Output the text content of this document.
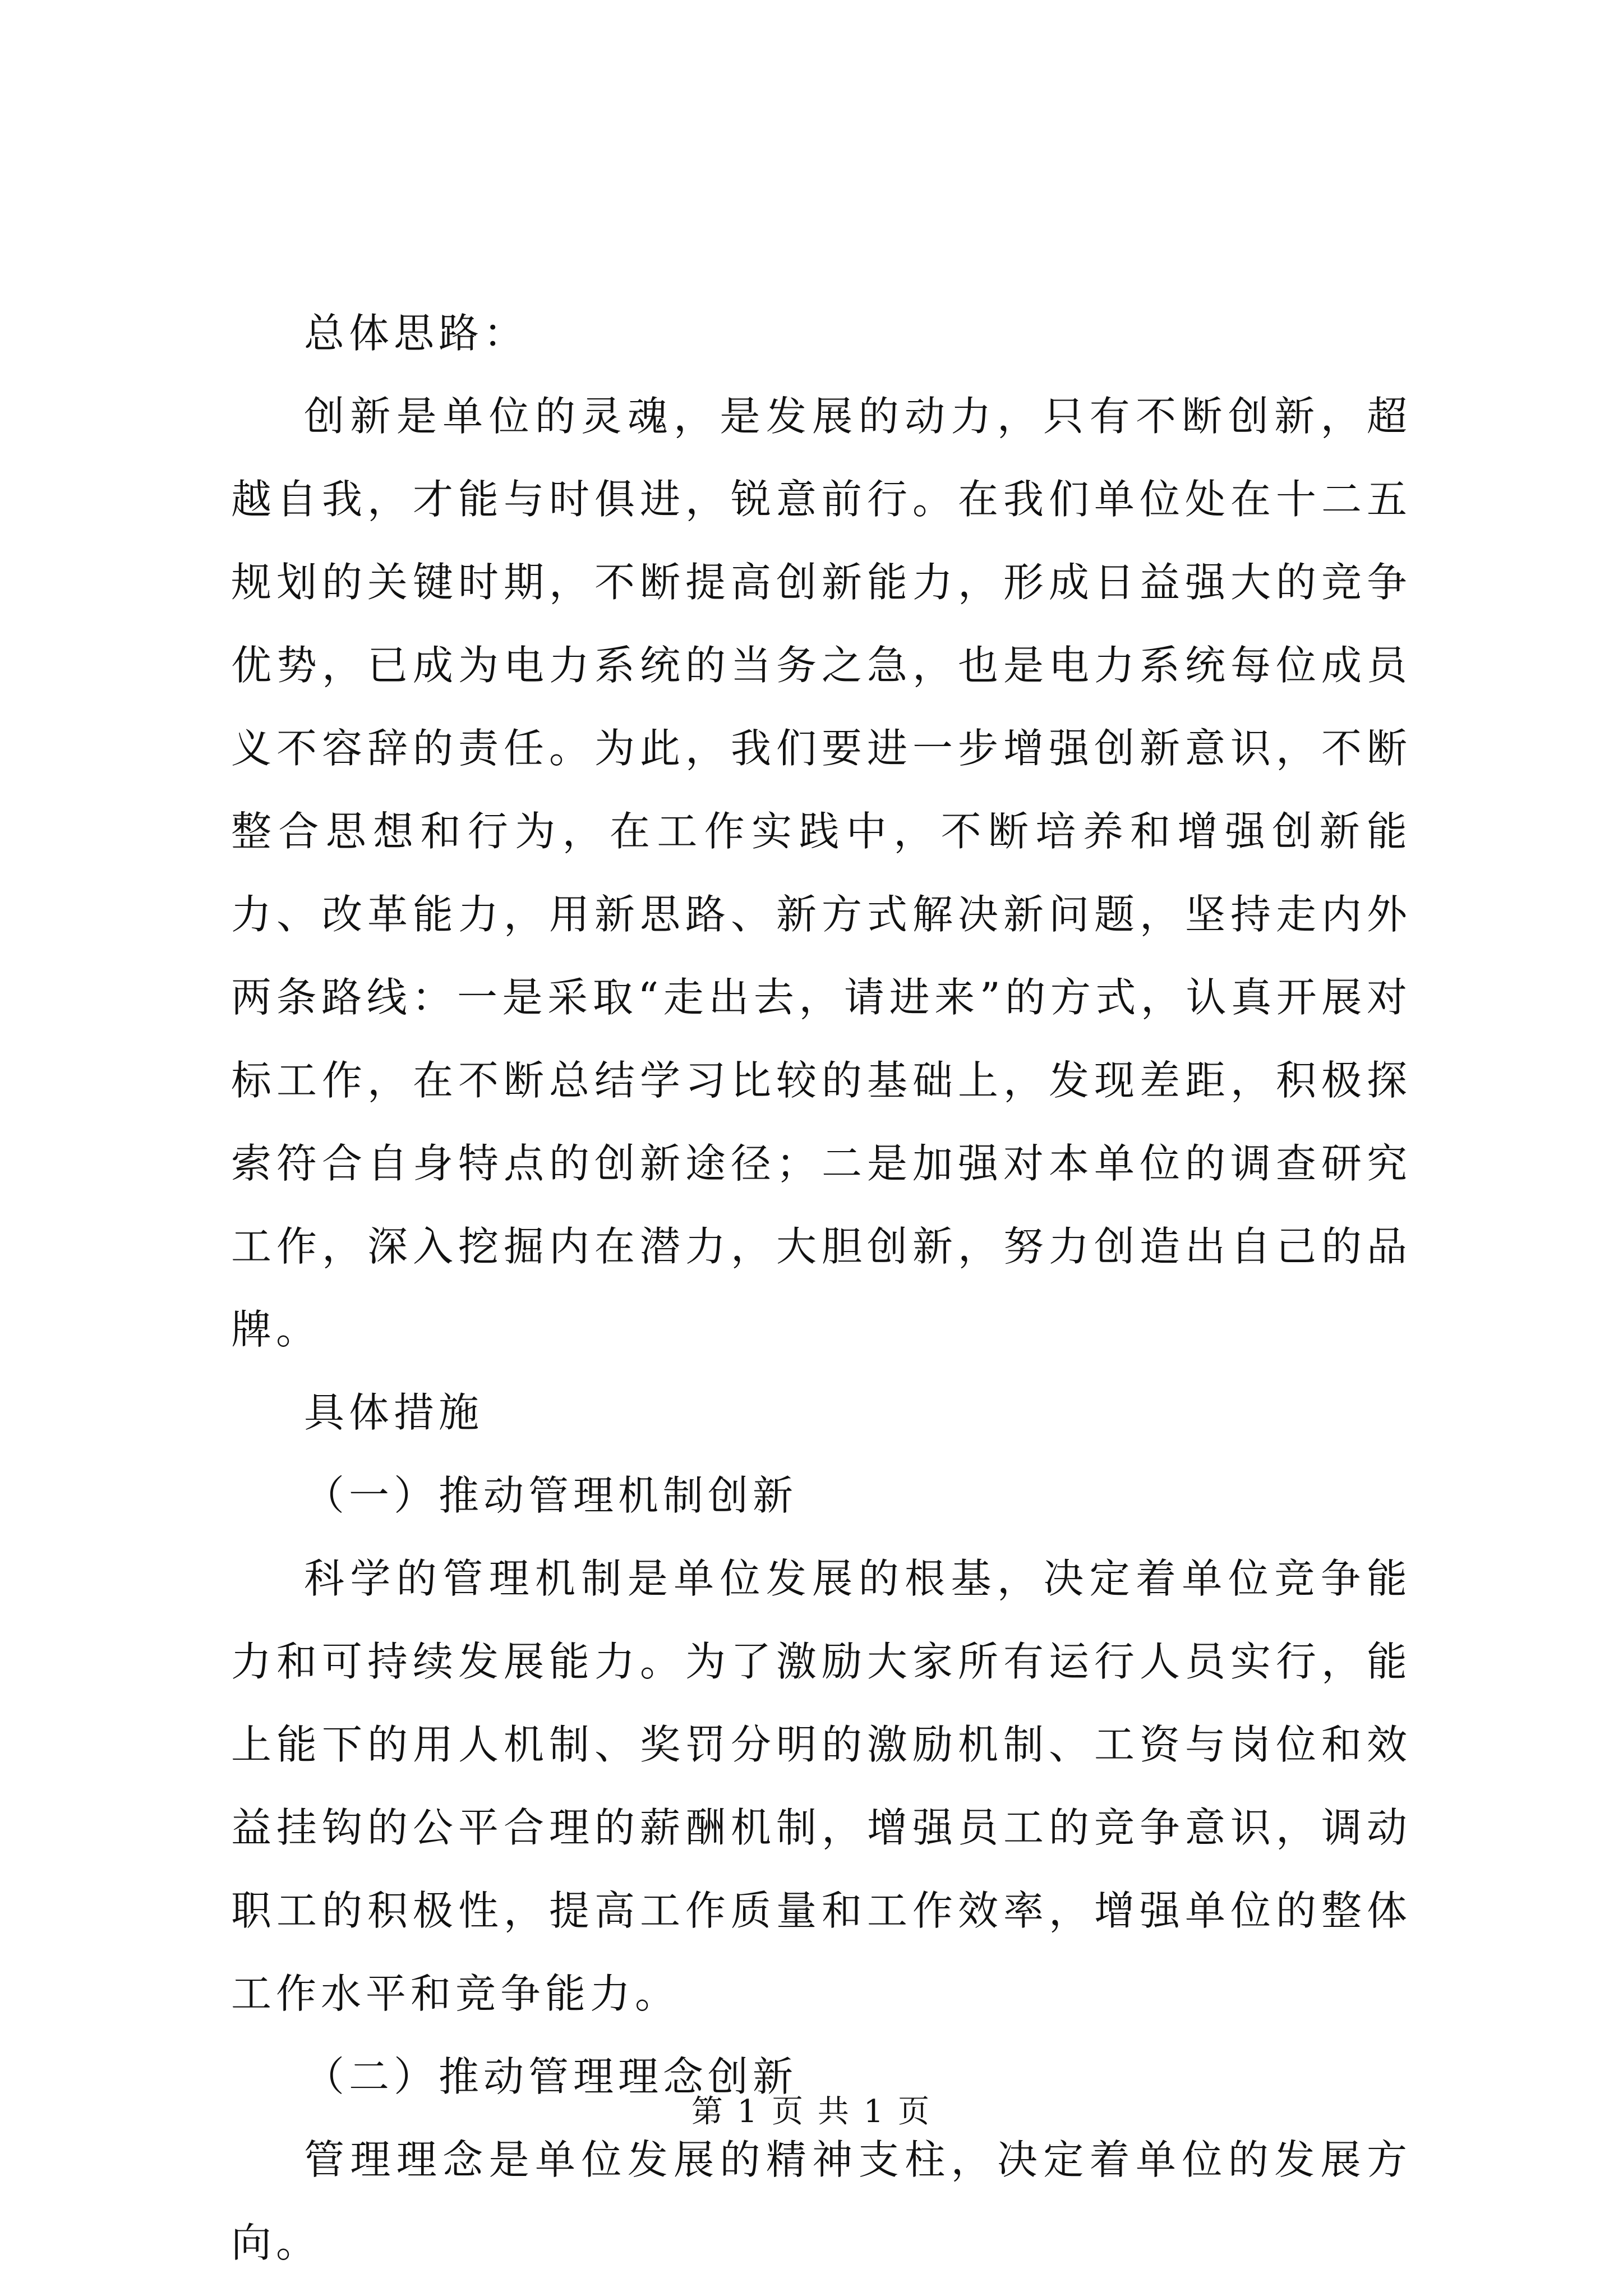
总体思路：

创新是单位的灵魂，是发展的动力，只有不断创新，超越自我，才能与时俱进，锐意前行。在我们单位处在十二五规划的关键时期，不断提高创新能力，形成日益强大的竞争优势，已成为电力系统的当务之急，也是电力系统每位成员义不容辞的责任。为此，我们要进一步增强创新意识，不断整合思想和行为，在工作实践中，不断培养和增强创新能力、改革能力，用新思路、新方式解决新问题，坚持走内外两条路线：一是采取“走出去，请进来”的方式，认真开展对标工作，在不断总结学习比较的基础上，发现差距，积极探索符合自身特点的创新途径；二是加强对本单位的调查研究工作，深入挖掘内在潜力，大胆创新，努力创造出自己的品牌。

具体措施

（一）推动管理机制创新

科学的管理机制是单位发展的根基，决定着单位竞争能力和可持续发展能力。为了激励大家所有运行人员实行，能上能下的用人机制、奖罚分明的激励机制、工资与岗位和效益挂钩的公平合理的薪酬机制，增强员工的竞争意识，调动职工的积极性，提高工作质量和工作效率，增强单位的整体工作水平和竞争能力。

（二）推动管理理念创新

管理理念是单位发展的精神支柱，决定着单位的发展方向。

第 1 页 共 1 页
